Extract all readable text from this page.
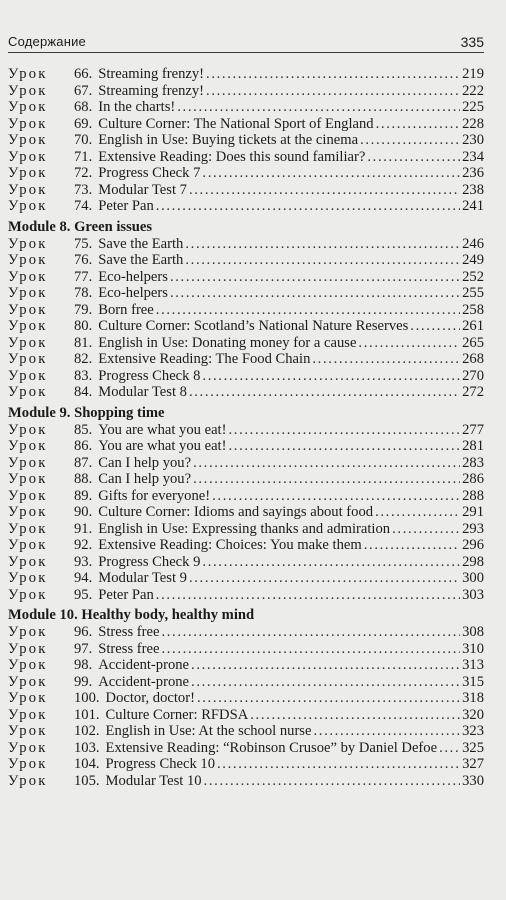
Содержание	335
Урок	66. Streaming frenzy! . . .	219
Урок	67. Streaming frenzy! . . .	222
Урок	68. In the charts! . . .	225
Урок	69. Culture Corner: The National Sport of England . . .	228
Урок	70. English in Use: Buying tickets at the cinema . . .	230
Урок	71. Extensive Reading: Does this sound familiar? . . .	234
Урок	72. Progress Check 7 . . .	236
Урок	73. Modular Test 7 . . .	238
Урок	74. Peter Pan . . .	241
Module 8. Green issues
Урок	75. Save the Earth . . .	246
Урок	76. Save the Earth . . .	249
Урок	77. Eco-helpers . . .	252
Урок	78. Eco-helpers . . .	255
Урок	79. Born free . . .	258
Урок	80. Culture Corner: Scotland’s National Nature Reserves . . .	261
Урок	81. English in Use: Donating money for a cause . . .	265
Урок	82. Extensive Reading: The Food Chain . . .	268
Урок	83. Progress Check 8 . . .	270
Урок	84. Modular Test 8 . . .	272
Module 9. Shopping time
Урок	85. You are what you eat! . . .	277
Урок	86. You are what you eat! . . .	281
Урок	87. Can I help you? . . .	283
Урок	88. Can I help you? . . .	286
Урок	89. Gifts for everyone! . . .	288
Урок	90. Culture Corner: Idioms and sayings about food . . .	291
Урок	91. English in Use: Expressing thanks and admiration . . .	293
Урок	92. Extensive Reading: Choices: You make them . . .	296
Урок	93. Progress Check 9 . . .	298
Урок	94. Modular Test 9 . . .	300
Урок	95. Peter Pan . . .	303
Module 10. Healthy body, healthy mind
Урок	96. Stress free . . .	308
Урок	97. Stress free . . .	310
Урок	98. Accident-prone . . .	313
Урок	99. Accident-prone . . .	315
Урок	100. Doctor, doctor! . . .	318
Урок	101. Culture Corner: RFDSA . . .	320
Урок	102. English in Use: At the school nurse . . .	323
Урок	103. Extensive Reading: “Robinson Crusoe” by Daniel Defoe . . . 325
Урок	104. Progress Check 10 . . .	327
Урок	105. Modular Test 10 . . .	330
